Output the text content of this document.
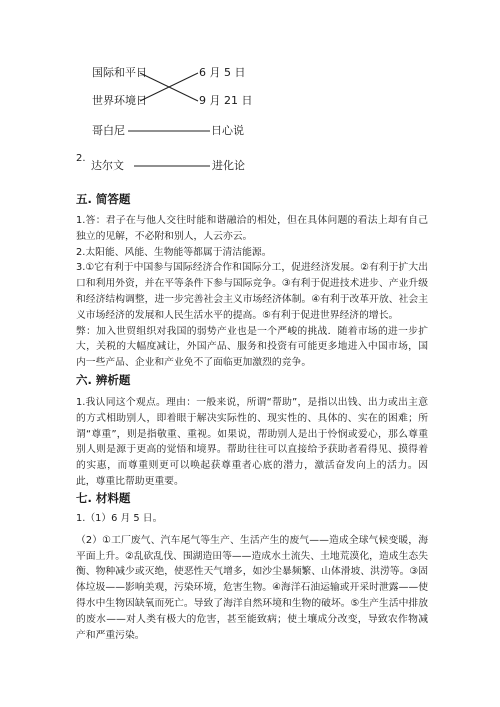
国际和平日
世界环境日
哥白尼
6 月 5 日
9 月 21 日
日心说
2.
达尔文	进化论
五. 简答题

1.答：君子在与他人交往时能和谐融洽的相处，但在具体问题的看法上却有自己独立的见解，不必附和别人，人云亦云。

2.太阳能、风能、生物能等都属于清洁能源。

3.①它有利于中国参与国际经济合作和国际分工，促进经济发展。②有利于扩大出口和利用外资，并在平等条件下参与国际竞争。③有利于促进技术进步、产业升级和经济结构调整，进一步完善社会主义市场经济体制。④有利于改革开放、社会主义市场经济的发展和人民生活水平的提高。⑤有利于促进世界经济的增长。

弊：加入世贸组织对我国的弱势产业也是一个严峻的挑战．随着市场的进一步扩大，关税的大幅度减让，外国产品、服务和投资有可能更多地进入中国市场，国内一些产品、企业和产业免不了面临更加激烈的竞争。

六. 辨析题

1.我认同这个观点。理由：一般来说，所谓“帮助”，是指以出钱、出力或出主意的方式相助别人，即着眼于解决实际性的、现实性的、具体的、实在的困难；所谓“尊重”，则是指敬重、重视。如果说，帮助别人是出于怜悯或爱心，那么尊重别人则是源于更高的觉悟和境界。帮助往往可以直接给予获助者看得见、摸得着的实惠，而尊重则更可以唤起获尊重者心底的潜力，激活奋发向上的活力。因此，尊重比帮助更重要。

七. 材料题

1.（1）6 月 5 日。

（2）①工厂废气、汽车尾气等生产、生活产生的废气——造成全球气候变暖，海平面上升。②乱砍乱伐、围湖造田等——造成水土流失、土地荒漠化，造成生态失衡、物种减少或灭绝，使恶性天气增多，如沙尘暴频繁、山体滑坡、洪涝等。③固体垃圾——影响美观，污染环境，危害生物。④海洋石油运输或开采时泄露——使得水中生物因缺氧而死亡。导致了海洋自然环境和生物的破坏。⑤生产生活中排放的废水——对人类有极大的危害，甚至能致病；使土壤成分改变，导致农作物减产和严重污染。
